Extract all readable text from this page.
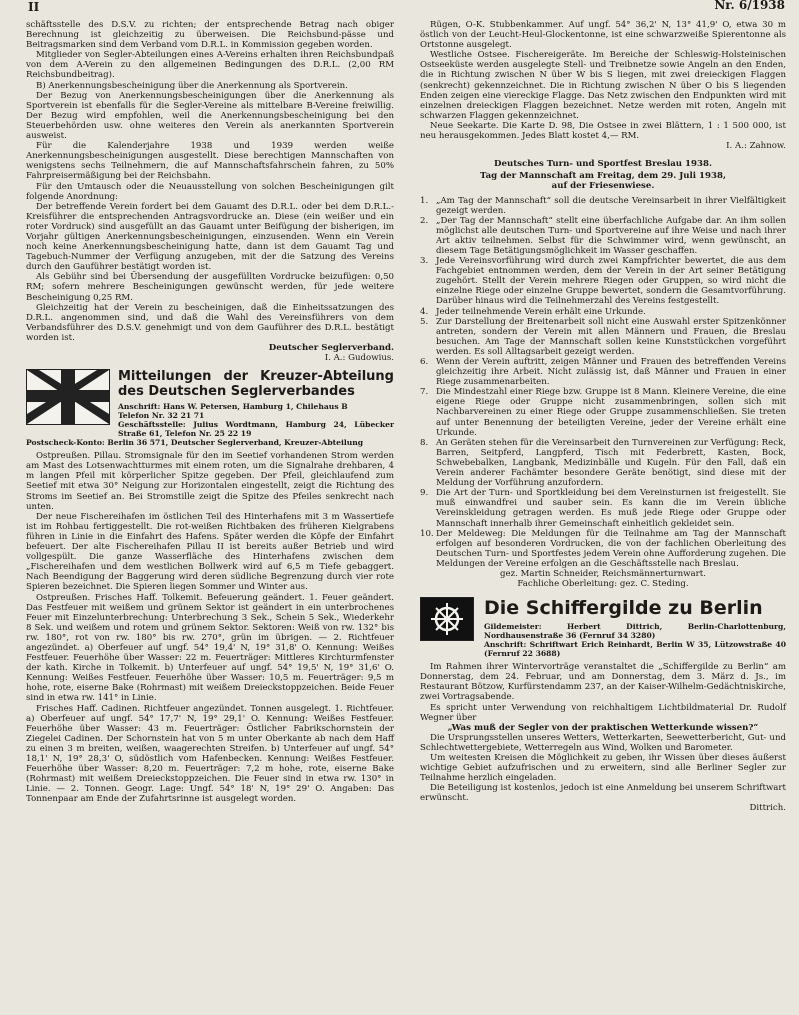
II	Nr. 6/1938

schäftsstelle des D.S.V. zu richten; der entsprechende Betrag nach obiger Berechnung ist gleichzeitig zu überweisen. Die Reichsbund-pässe und Beitragsmarken sind dem Verband vom D.R.L. in Kommission gegeben worden.

Mitglieder von Segler-Abteilungen eines A-Vereins erhalten ihren Reichsbundpaß von dem A-Verein zu den allgemeinen Bedingungen des D.R.L. (2,00 RM Reichsbundbeitrag).

B) Anerkennungsbescheinigung über die Anerkennung als Sportverein.

Der Bezug von Anerkennungsbescheinigungen über die Anerkennung als Sportverein ist ebenfalls für die Segler-Vereine als mittelbare B-Vereine freiwillig. Der Bezug wird empfohlen, weil die Anerkennungsbescheinigung bei den Steuerbehörden usw. ohne weiteres den Verein als anerkannten Sportverein ausweist.

Für die Kalenderjahre 1938 und 1939 werden weiße Anerkennungsbescheinigungen ausgestellt. Diese berechtigen Mannschaften von wenigstens sechs Teilnehmern, die auf Mannschaftsfahrschein fahren, zu 50% Fahrpreisermäßigung bei der Reichsbahn.

Für den Umtausch oder die Neuausstellung von solchen Bescheinigungen gilt folgende Anordnung:

Der betreffende Verein fordert bei dem Gauamt des D.R.L. oder bei dem D.R.L.-Kreisführer die entsprechenden Antragsvordrucke an. Diese (ein weißer und ein roter Vordruck) sind ausgefüllt an das Gauamt unter Beifügung der bisherigen, im Vorjahr gültigen Anerkennungsbescheinigungen, einzusenden. Wenn ein Verein noch keine Anerkennungsbescheinigung hatte, dann ist dem Gauamt Tag und Tagebuch-Nummer der Verfügung anzugeben, mit der die Satzung des Vereins durch den Gauführer bestätigt worden ist.

Als Gebühr sind bei Übersendung der ausgefüllten Vordrucke beizufügen: 0,50 RM; sofern mehrere Bescheinigungen gewünscht werden, für jede weitere Bescheinigung 0,25 RM.

Gleichzeitig hat der Verein zu bescheinigen, daß die Einheitssatzungen des D.R.L. angenommen sind, und daß die Wahl des Vereinsführers von dem Verbandsführer des D.S.V. genehmigt und von dem Gauführer des D.R.L. bestätigt worden ist.

Deutscher Seglerverband.
I. A.: Gudowius.
Mitteilungen der Kreuzer-Abteilung des Deutschen Seglerverbandes
Anschrift: Hans W. Petersen, Hamburg 1, Chilehaus B
Telefon Nr. 32 21 71
Geschäftsstelle: Julius Wordtmann, Hamburg 24, Lübecker Straße 61, Telefon Nr. 25 22 19
Postscheck-Konto: Berlin 36 571, Deutscher Seglerverband, Kreuzer-Abteilung

Ostpreußen. Pillau. Stromsignale für den im Seetief vorhandenen Strom werden am Mast des Lotsenwachtturmes mit einem roten, um die Signalrahe drehbaren, 4 m langen Pfeil mit körperlicher Spitze gegeben. Der Pfeil, gleichlaufend zum Seetief mit etwa 30° Neigung zur Horizontalen eingestellt, zeigt die Richtung des Stroms im Seetief an. Bei Stromstille zeigt die Spitze des Pfeiles senkrecht nach unten.

Der neue Fischereihafen im östlichen Teil des Hinterhafens mit 3 m Wassertiefe ist im Rohbau fertiggestellt. Die rot-weißen Richtbaken des früheren Kielgrabens führen in Linie in die Einfahrt des Hafens. Später werden die Köpfe der Einfahrt befeuert. Der alte Fischereihafen Pillau II ist bereits außer Betrieb und wird vollgespült. Die ganze Wasserfläche des Hinterhafens zwischen dem „Fischereihafen und dem westlichen Bollwerk wird auf 6,5 m Tiefe gebaggert. Nach Beendigung der Baggerung wird deren südliche Begrenzung durch vier rote Spieren bezeichnet. Die Spieren liegen Sommer und Winter aus.

Ostpreußen. Frisches Haff. Tolkemit. Befeuerung geändert. 1. Feuer geändert. Das Festfeuer mit weißem und grünem Sektor ist geändert in ein unterbrochenes Feuer mit Einzelunterbrechung: Unterbrechung 3 Sek., Schein 5 Sek., Wiederkehr 8 Sek. und weißem und rotem und grünem Sektor. Sektoren: Weiß von rw. 132° bis rw. 180°, rot von rw. 180° bis rw. 270°, grün im übrigen. — 2. Richtfeuer angezündet. a) Oberfeuer auf ungf. 54° 19,4' N, 19° 31,8' O. Kennung: Weißes Festfeuer. Feuerhöhe über Wasser: 22 m. Feuerträger: Mittleres Kirchturmfenster der kath. Kirche in Tolkemit. b) Unterfeuer auf ungf. 54° 19,5' N, 19° 31,6' O. Kennung: Weißes Festfeuer. Feuerhöhe über Wasser: 10,5 m. Feuerträger: 9,5 m hohe, rote, eiserne Bake (Rohrmast) mit weißem Dreieckstoppzeichen. Beide Feuer sind in etwa rw. 141° in Linie.

Frisches Haff. Cadinen. Richtfeuer angezündet. Tonnen ausgelegt. 1. Richtfeuer. a) Oberfeuer auf ungf. 54° 17,7' N, 19° 29,1' O. Kennung: Weißes Festfeuer. Feuerhöhe über Wasser: 43 m. Feuerträger: Östlicher Fabrikschornstein der Ziegelei Cadinen. Der Schornstein hat von 5 m unter Oberkante ab nach dem Haff zu einen 3 m breiten, weißen, waagerechten Streifen. b) Unterfeuer auf ungf. 54° 18,1' N, 19° 28,3' O, südöstlich vom Hafenbecken. Kennung: Weißes Festfeuer. Feuerhöhe über Wasser: 8,20 m. Feuerträger: 7,2 m hohe, rote, eiserne Bake (Rohrmast) mit weißem Dreieckstoppzeichen. Die Feuer sind in etwa rw. 130° in Linie. — 2. Tonnen. Geogr. Lage: Ungf. 54° 18' N, 19° 29' O. Angaben: Das Tonnenpaar am Ende der Zufahrtsrinne ist ausgelegt worden.

Rügen, O-K. Stubbenkammer. Auf ungf. 54° 36,2' N, 13° 41,9' O, etwa 30 m östlich von der Leucht-Heul-Glockentonne, ist eine schwarzweiße Spierentonne als Ortstonne ausgelegt.

Westliche Ostsee. Fischereigeräte. Im Bereiche der Schleswig-Holsteinischen Ostseeküste werden ausgelegte Stell- und Treibnetze sowie Angeln an den Enden, die in Richtung zwischen N über W bis S liegen, mit zwei dreieckigen Flaggen (senkrecht) gekennzeichnet. Die in Richtung zwischen N über O bis S liegenden Enden zeigen eine viereckige Flagge. Das Netz zwischen den Endpunkten wird mit einzelnen dreieckigen Flaggen bezeichnet. Netze werden mit roten, Angeln mit schwarzen Flaggen gekennzeichnet.

Neue Seekarte. Die Karte D. 98, Die Ostsee in zwei Blättern, 1 : 1 500 000, ist neu herausgekommen. Jedes Blatt kostet 4,— RM.

I. A.: Zahnow.
Deutsches Turn- und Sportfest Breslau 1938.
Tag der Mannschaft am Freitag, dem 29. Juli 1938,
auf der Friesenwiese.
1. „Am Tag der Mannschaft“ soll die deutsche Vereinsarbeit in ihrer Vielfältigkeit gezeigt werden.
2. „Der Tag der Mannschaft“ stellt eine überfachliche Aufgabe dar. An ihm sollen möglichst alle deutschen Turn- und Sportvereine auf ihre Weise und nach ihrer Art aktiv teilnehmen. Selbst für die Schwimmer wird, wenn gewünscht, an diesem Tage Betätigungsmöglichkeit im Wasser geschaffen.
3. Jede Vereinsvorführung wird durch zwei Kampfrichter bewertet, die aus dem Fachgebiet entnommen werden, dem der Verein in der Art seiner Betätigung zugehört. Stellt der Verein mehrere Riegen oder Gruppen, so wird nicht die einzelne Riege oder einzelne Gruppe bewertet, sondern die Gesamtvorführung. Darüber hinaus wird die Teilnehmerzahl des Vereins festgestellt.
4. Jeder teilnehmende Verein erhält eine Urkunde.
5. Zur Darstellung der Breitenarbeit soll nicht eine Auswahl erster Spitzenkönner antreten, sondern der Verein mit allen Männern und Frauen, die Breslau besuchen. Am Tage der Mannschaft sollen keine Kunststückchen vorgeführt werden. Es soll Alltagsarbeit gezeigt werden.
6. Wenn der Verein auftritt, zeigen Männer und Frauen des betreffenden Vereins gleichzeitig ihre Arbeit. Nicht zulässig ist, daß Männer und Frauen in einer Riege zusammenarbeiten.
7. Die Mindestzahl einer Riege bzw. Gruppe ist 8 Mann. Kleinere Vereine, die eine eigene Riege oder Gruppe nicht zusammenbringen, sollen sich mit Nachbarvereinen zu einer Riege oder Gruppe zusammenschließen. Sie treten auf unter Benennung der beteiligten Vereine, jeder der Vereine erhält eine Urkunde.
8. An Geräten stehen für die Vereinsarbeit den Turnvereinen zur Verfügung: Reck, Barren, Seitpferd, Langpferd, Tisch mit Federbrett, Kasten, Bock, Schwebebalken, Langbank, Medizinbälle und Kugeln. Für den Fall, daß ein Verein anderer Fachämter besondere Geräte benötigt, sind diese mit der Meldung der Vorführung anzufordern.
9. Die Art der Turn- und Sportkleidung bei dem Vereinsturnen ist freigestellt. Sie muß einwandfrei und sauber sein. Es kann die im Verein übliche Vereinskleidung getragen werden. Es muß jede Riege oder Gruppe oder Mannschaft innerhalb ihrer Gemeinschaft einheitlich gekleidet sein.
10. Der Meldeweg: Die Meldungen für die Teilnahme am Tag der Mannschaft erfolgen auf besonderen Vordrucken, die von der fachlichen Oberleitung des Deutschen Turn- und Sportfestes jedem Verein ohne Aufforderung zugehen. Die Meldungen der Vereine erfolgen an die Geschäftsstelle nach Breslau.
gez. Martin Schneider, Reichsmännerturnwart.
Fachliche Oberleitung: gez. C. Steding.
Die Schiffergilde zu Berlin
Gildemeister: Herbert Dittrich, Berlin-Charlottenburg, Nordhausenstraße 36 (Fernruf 34 3280)
Anschrift: Schriftwart Erich Reinhardt, Berlin W 35, Lützowstraße 40 (Fernruf 22 3688)

Im Rahmen ihrer Wintervorträge veranstaltet die „Schiffergilde zu Berlin“ am Donnerstag, dem 24. Februar, und am Donnerstag, dem 3. März d. Js., im Restaurant Bötzow, Kurfürstendamm 237, an der Kaiser-Wilhelm-Gedächtniskirche, zwei Vortragsabende.

Es spricht unter Verwendung von reichhaltigem Lichtbildmaterial Dr. Rudolf Wegner über

„Was muß der Segler von der praktischen Wetterkunde wissen?“

Die Ursprungsstellen unseres Wetters, Wetterkarten, Seewetterbericht, Gut- und Schlechtwettergebiete, Wetterregeln aus Wind, Wolken und Barometer.

Um weitesten Kreisen die Möglichkeit zu geben, ihr Wissen über dieses äußerst wichtige Gebiet aufzufrischen und zu erweitern, sind alle Berliner Segler zur Teilnahme herzlich eingeladen.

Die Beteiligung ist kostenlos, jedoch ist eine Anmeldung bei unserem Schriftwart erwünscht.

Dittrich.
